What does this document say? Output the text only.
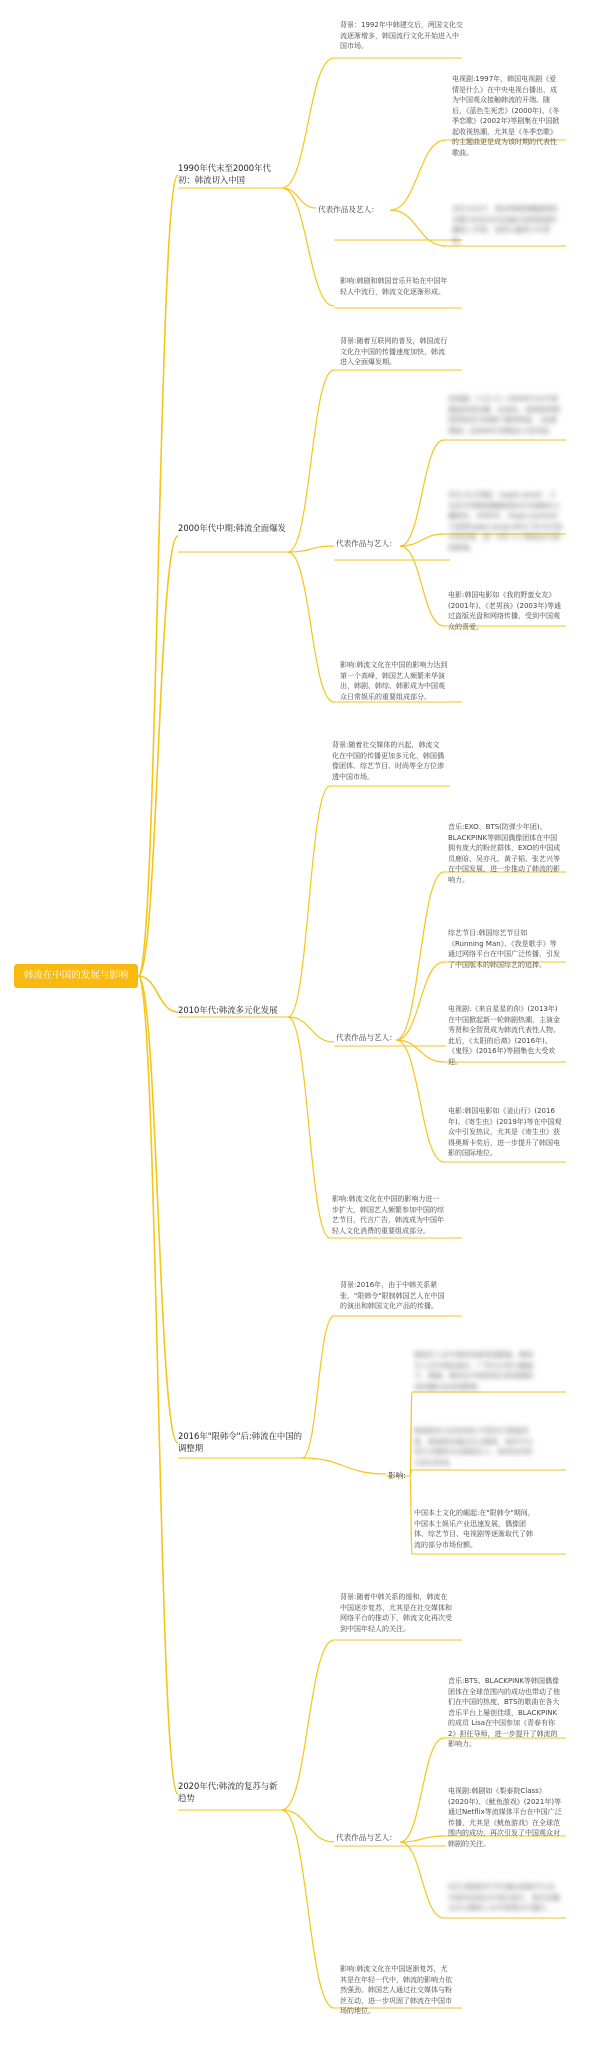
韩流在中国的发展与影响
1990年代末至2000年代初：韩流切入中国
背景：1992年中韩建交后，两国文化交流逐渐增多，韩国流行文化开始进入中国市场。
代表作品及艺人：
电视剧:1997年，韩国电视剧《爱情是什么》在中央电视台播出，成为中国观众接触韩流的开端。随后，《蓝色生死恋》(2000年)、《冬季恋歌》(2002年)等剧集在中国掀起收视热潮，尤其是《冬季恋歌》的主题曲更是成为该时期的代表性歌曲。
音乐:H.O.T、神话等韩国偶像团体及歌手的音乐作品通过各种渠道传播进入中国，受到大量青少年喜爱。
影响:韩剧和韩国音乐开始在中国年轻人中流行，韩流文化逐渐形成。
2000年代中期:韩流全面爆发
背景:随着互联网的普及，韩国流行文化在中国的传播速度加快，韩流进入全面爆发期。
代表作品与艺人：
电视剧:《大长今》(2005年)在中国掀起收视狂潮，宋承宪、裴勇俊等韩国男星成为家喻户晓的明星，《浪漫满屋》(2004年)等剧也大受欢迎。
音乐:东方神起、Super Junior、少女时代等韩国偶像团体在中国拥有大量粉丝。2005年，Super Junior的子团体Super Junior-M专门针对中国市场发展，进一步扩大了韩流在中国的影响。
电影:韩国电影如《我的野蛮女友》(2001年)、《老男孩》(2003年)等通过盗版光盘和网络传播，受到中国观众的喜爱。
影响:韩流文化在中国的影响力达到第一个高峰，韩国艺人频繁来华演出，韩剧、韩综、韩影成为中国观众日常娱乐的重要组成部分。
2010年代:韩流多元化发展
背景:随着社交媒体的兴起，韩流文化在中国的传播更加多元化，韩国偶像团体、综艺节目、时尚等全方位渗透中国市场。
代表作品与艺人：
音乐:EXO、BTS(防弹少年团)、BLACKPINK等韩国偶像团体在中国拥有庞大的粉丝群体，EXO的中国成员鹿晗、吴亦凡、黄子韬、张艺兴等在中国发展，进一步推动了韩流的影响力。
综艺节目:韩国综艺节目如《Running Man》、《我是歌手》等通过网络平台在中国广泛传播，引发了中国版本的韩国综艺的追捧。
电视剧:《来自星星的你》(2013年)在中国掀起新一轮韩剧热潮，主演金秀贤和全智贤成为韩流代表性人物。此后，《太阳的后裔》(2016年)、《鬼怪》(2016年)等剧集也大受欢迎。
电影:韩国电影如《釜山行》(2016年)、《寄生虫》(2019年)等在中国观众中引发热议，尤其是《寄生虫》获得奥斯卡奖后，进一步提升了韩国电影的国际地位。
影响:韩流文化在中国的影响力进一步扩大，韩国艺人频繁参加中国的综艺节目，代言广告，韩流成为中国年轻人文化消费的重要组成部分。
2016年"限韩令"后:韩流在中国的调整期
背景:2016年，由于中韩关系紧张，"限韩令"限制韩国艺人在中国的演出和韩国文化产品的传播。
影响:
韩国艺人在中国的发展受到限制，韩国艺人在中国的演出、广告代言等大幅减少，韩剧、韩综在中国电视台和视频网站的播出也受到限制。
韩流粉丝文化的变化:尽管官方渠道受限，韩流粉丝通过社交媒体、海外平台等方式继续关注韩国艺人，粉丝经济形式发生转变。
中国本土文化的崛起:在"限韩令"期间，中国本土娱乐产业迅速发展，偶像团体、综艺节目、电视剧等逐渐取代了韩流的部分市场份额。
2020年代:韩流的复苏与新趋势
背景:随着中韩关系的缓和，韩流在中国逐步复苏，尤其是在社交媒体和网络平台的推动下，韩流文化再次受到中国年轻人的关注。
代表作品与艺人：
音乐:BTS、BLACKPINK等韩国偶像团体在全球范围内的成功也带动了他们在中国的热度，BTS的歌曲在各大音乐平台上屡创佳绩，BLACKPINK的成员 Lisa在中国参加《青春有你2》担任导师，进一步提升了韩流的影响力。
电视剧:韩剧如《梨泰院Class》(2020年)、《鱿鱼游戏》(2021年)等通过Netflix等流媒体平台在中国广泛传播，尤其是《鱿鱼游戏》在全球范围内的成功，再次引发了中国观众对韩剧的关注。
综艺:韩国综艺节目通过网络平台在中国年轻观众中再次流行，相关话题在社交媒体上在中国观众中盛行。
影响:韩流文化在中国逐渐复苏，尤其是在年轻一代中，韩流的影响力依然强劲。韩国艺人通过社交媒体与粉丝互动，进一步巩固了韩流在中国市场的地位。
